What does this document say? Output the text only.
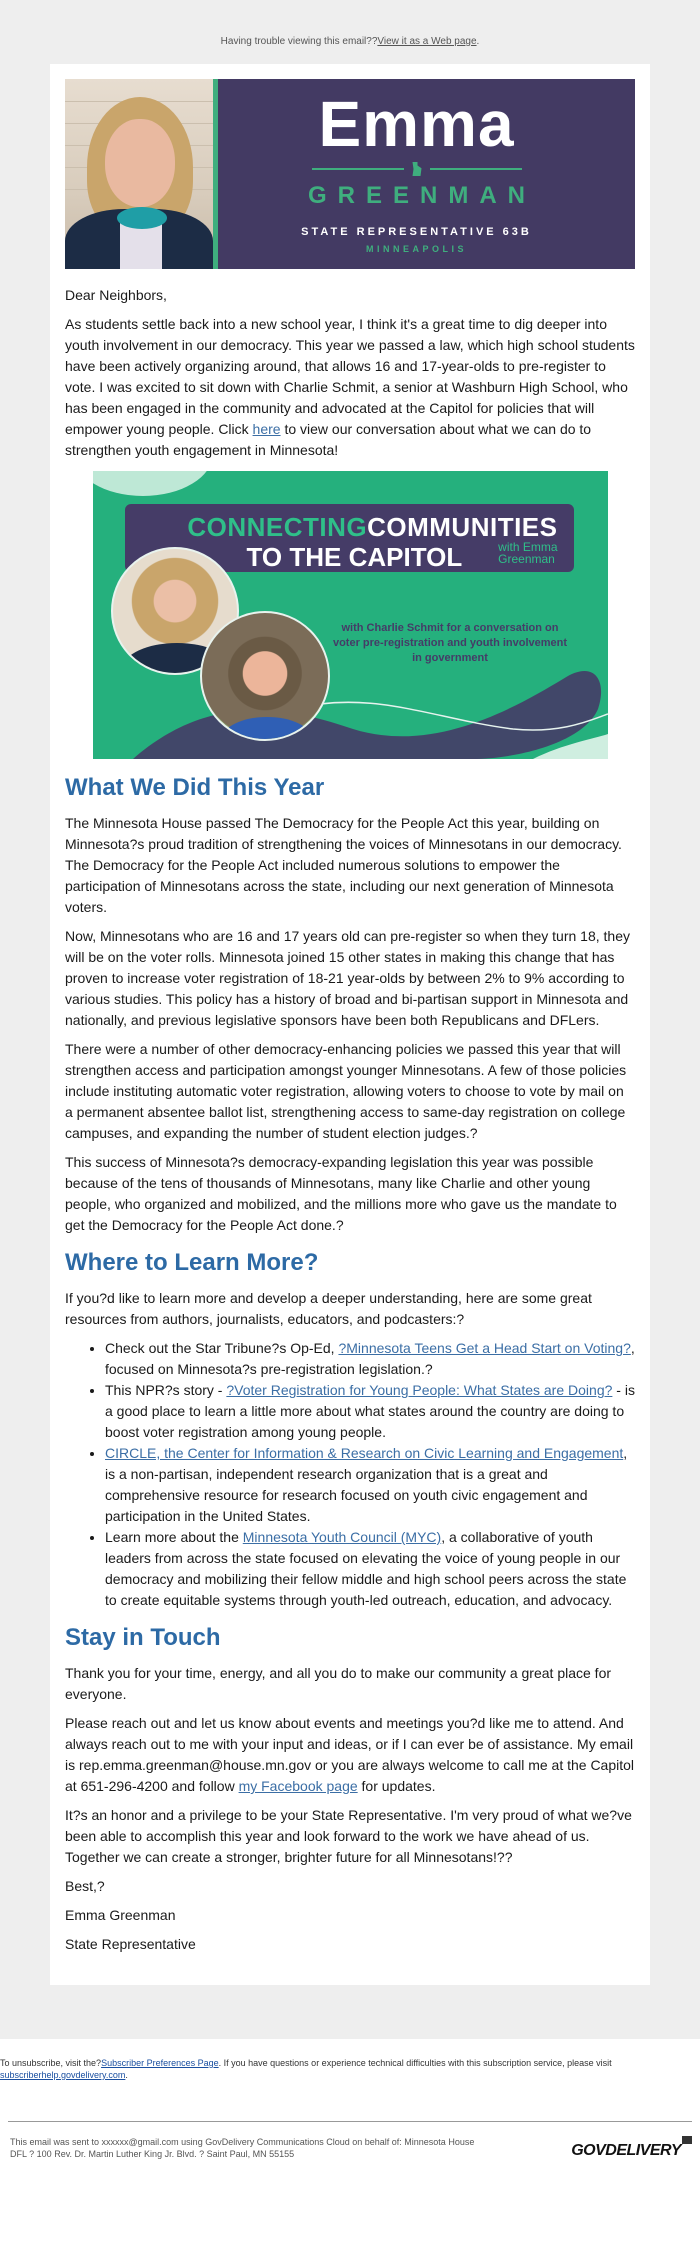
Having trouble viewing this email??View it as a Web page.
Emma
GREENMAN
STATE REPRESENTATIVE 63B
MINNEAPOLIS

Dear Neighbors,

As students settle back into a new school year, I think it's a great time to dig deeper into youth involvement in our democracy. This year we passed a law, which high school students have been actively organizing around, that allows 16 and 17-year-olds to pre-register to vote. I was excited to sit down with Charlie Schmit, a senior at Washburn High School, who has been engaged in the community and advocated at the Capitol for policies that will empower young people. Click here to view our conversation about what we can do to strengthen youth engagement in Minnesota!

CONNECTINGCOMMUNITIES
TO THE CAPITOL	with Emma
Greenman
with Charlie Schmit for a conversation on voter pre-registration and youth involvement in government
What We Did This Year

The Minnesota House passed The Democracy for the People Act this year, building on Minnesota?s proud tradition of strengthening the voices of Minnesotans in our democracy. The Democracy for the People Act included numerous solutions to empower the participation of Minnesotans across the state, including our next generation of Minnesota voters.

Now, Minnesotans who are 16 and 17 years old can pre-register so when they turn 18, they will be on the voter rolls. Minnesota joined 15 other states in making this change that has proven to increase voter registration of 18-21 year-olds by between 2% to 9% according to various studies. This policy has a history of broad and bi-partisan support in Minnesota and nationally, and previous legislative sponsors have been both Republicans and DFLers.

There were a number of other democracy-enhancing policies we passed this year that will strengthen access and participation amongst younger Minnesotans. A few of those policies include instituting automatic voter registration, allowing voters to choose to vote by mail on a permanent absentee ballot list, strengthening access to same-day registration on college campuses, and expanding the number of student election judges.?

This success of Minnesota?s democracy-expanding legislation this year was possible because of the tens of thousands of Minnesotans, many like Charlie and other young people, who organized and mobilized, and the millions more who gave us the mandate to get the Democracy for the People Act done.?

Where to Learn More?

If you?d like to learn more and develop a deeper understanding, here are some great resources from authors, journalists, educators, and podcasters:?

• Check out the Star Tribune?s Op-Ed, ?Minnesota Teens Get a Head Start on Voting?, focused on Minnesota?s pre-registration legislation.?
• This NPR?s story - ?Voter Registration for Young People: What States are Doing? - is a good place to learn a little more about what states around the country are doing to boost voter registration among young people.
• CIRCLE, the Center for Information & Research on Civic Learning and Engagement, is a non-partisan, independent research organization that is a great and comprehensive resource for research focused on youth civic engagement and participation in the United States.
• Learn more about the Minnesota Youth Council (MYC), a collaborative of youth leaders from across the state focused on elevating the voice of young people in our democracy and mobilizing their fellow middle and high school peers across the state to create equitable systems through youth-led outreach, education, and advocacy.
Stay in Touch

Thank you for your time, energy, and all you do to make our community a great place for everyone.

Please reach out and let us know about events and meetings you?d like me to attend. And always reach out to me with your input and ideas, or if I can ever be of assistance. My email is rep.emma.greenman@house.mn.gov or you are always welcome to call me at the Capitol at 651-296-4200 and follow my Facebook page for updates.

It?s an honor and a privilege to be your State Representative. I'm very proud of what we?ve been able to accomplish this year and look forward to the work we have ahead of us. Together we can create a stronger, brighter future for all Minnesotans!??

Best,?

Emma Greenman

State Representative

To unsubscribe, visit the?Subscriber Preferences Page. If you have questions or experience technical difficulties with this subscription service, please visit subscriberhelp.govdelivery.com.
This email was sent to xxxxxx@gmail.com using GovDelivery Communications Cloud on behalf of: Minnesota House DFL ? 100 Rev. Dr. Martin Luther King Jr. Blvd. ? Saint Paul, MN 55155	GOVDELIVERY
